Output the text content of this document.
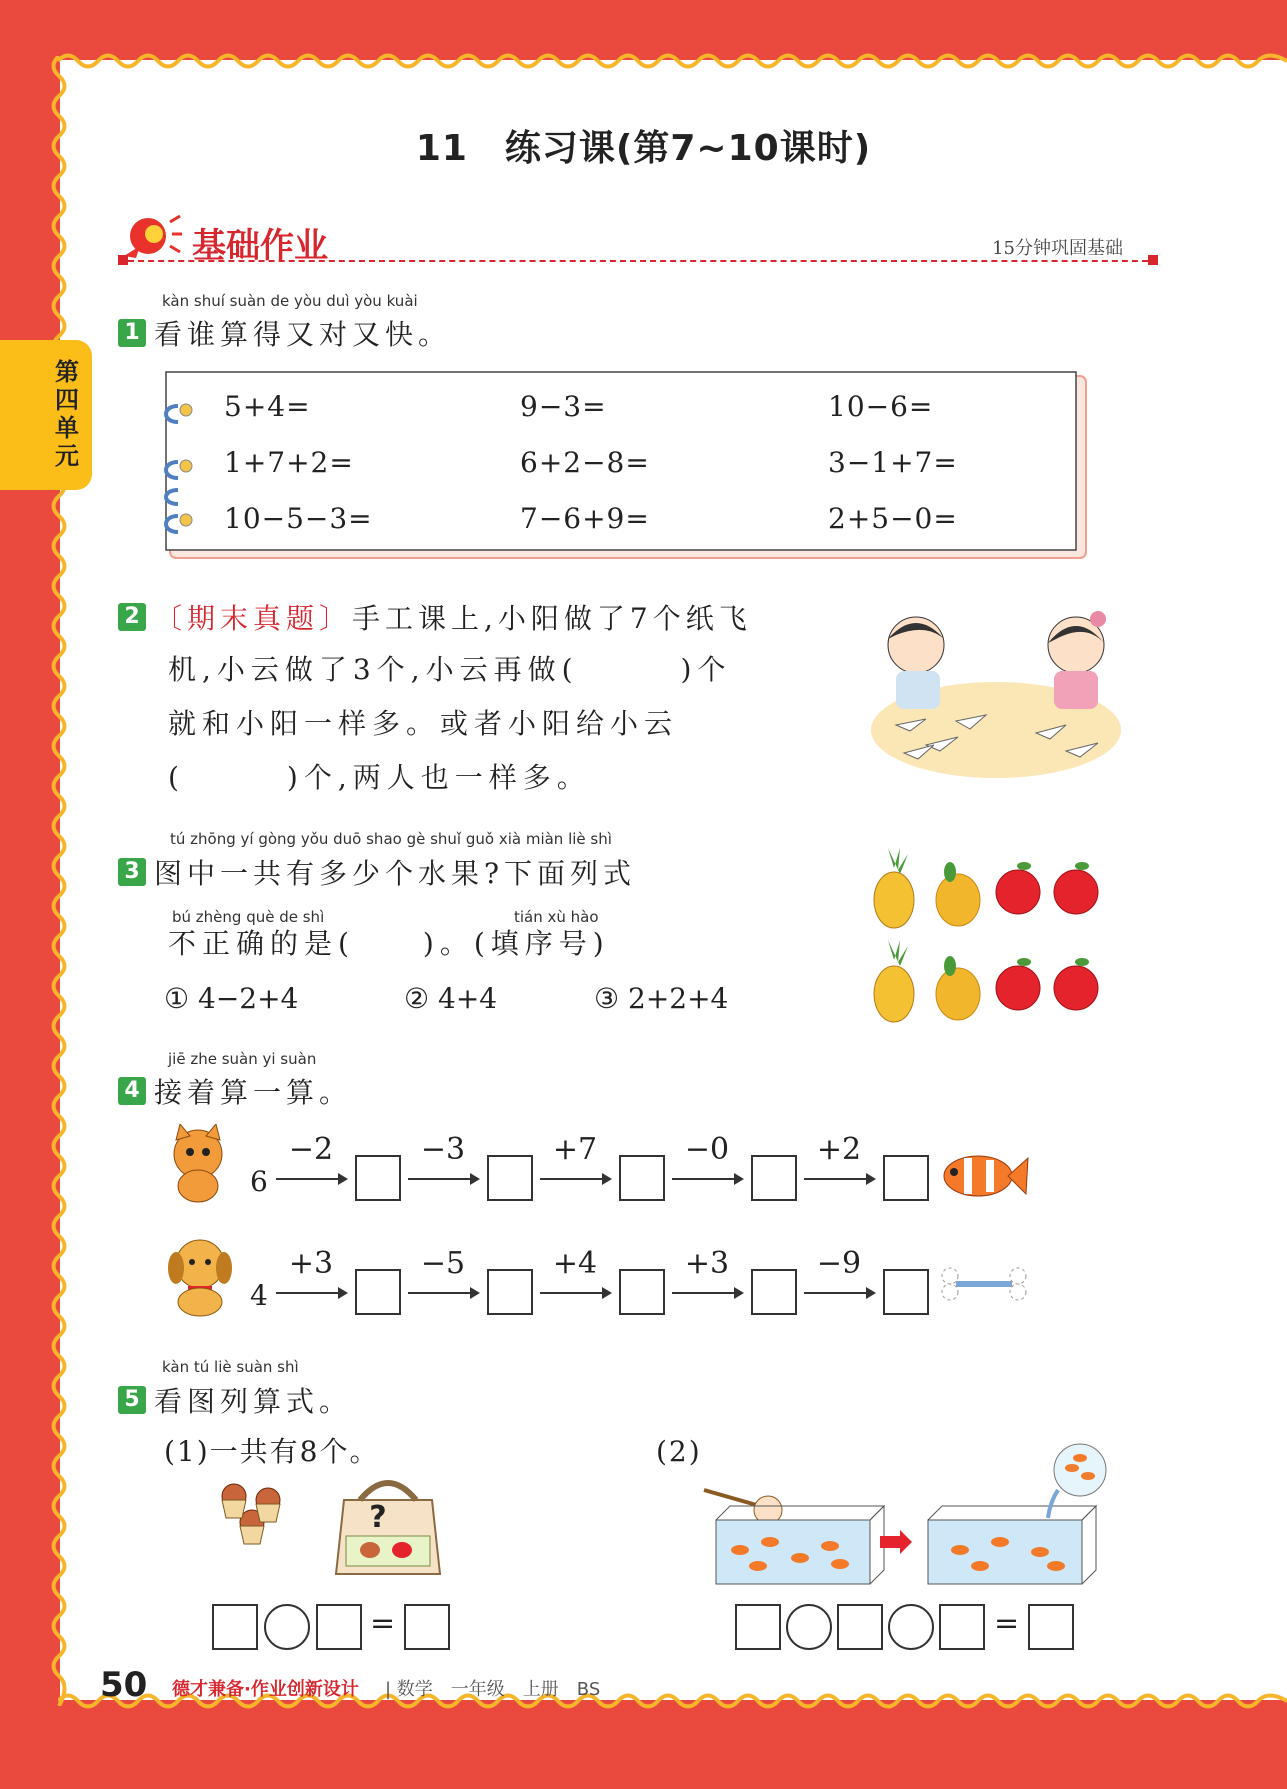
第四单元
11　练习课(第7~10课时)
基础作业	15分钟巩固基础
kàn shuí suàn de yòu duì yòu kuài
1 看谁算得又对又快。
5+4=	9−3=	10−6=
1+7+2=	6+2−8=	3−1+7=
10−5−3=	7−6+9=	2+5−0=
2 〔期末真题〕手工课上,小阳做了7个纸飞
机,小云做了3个,小云再做(　　　)个
就和小阳一样多。或者小阳给小云
(　　　)个,两人也一样多。
tú zhōng yí gòng yǒu duō shao gè shuǐ guǒ xià miàn liè shì
3 图中一共有多少个水果?下面列式
bú zhèng què de shì	tián xù hào
不正确的是(　　)。(填序号)
① 4−2+4	② 4+4	③ 2+2+4
jiē zhe suàn yi suàn
4 接着算一算。
6
−2	−3	+7	−0	+2
4
+3	−5	+4	+3	−9
kàn tú liè suàn shì
5 看图列算式。
(1)一共有8个。	(2)
?
=	=
50 德才兼备·作业创新设计 | 数学　一年级　上册　BS
